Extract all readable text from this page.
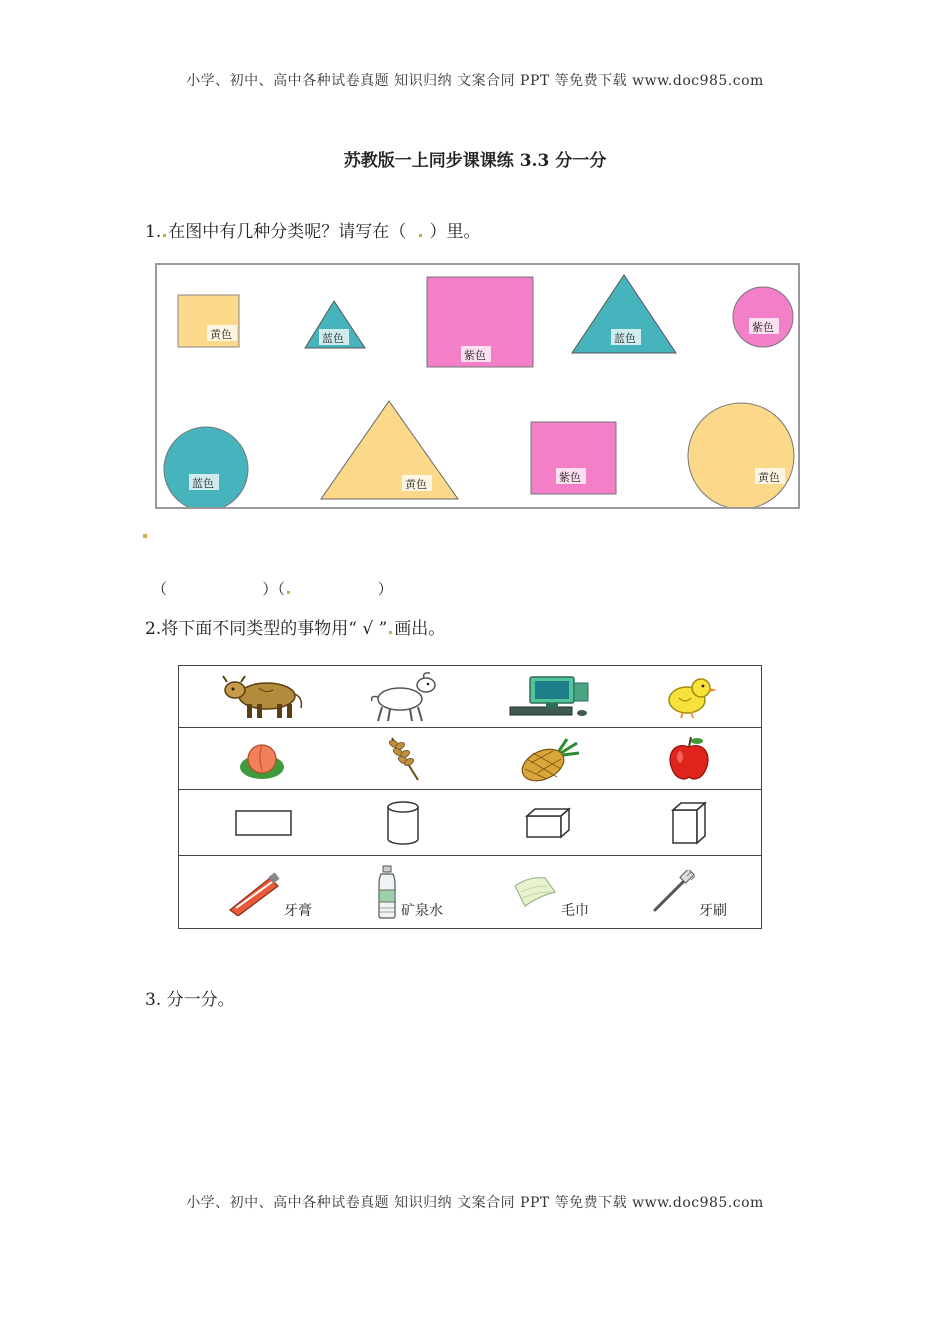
小学、初中、高中各种试卷真题 知识归纳 文案合同 PPT 等免费下载 www.doc985.com
苏教版一上同步课课练 3.3 分一分
1. 在图中有几种分类呢？请写在（ ）里。
黄色	蓝色
紫色
蓝色
紫色
蓝色	黄色
紫色	黄色
（                    ）（                  ）
2.将下面不同类型的事物用“ √ ” 画出。
牙膏	矿泉水	毛巾	牙刷
3. 分一分。
小学、初中、高中各种试卷真题 知识归纳 文案合同 PPT 等免费下载 www.doc985.com
